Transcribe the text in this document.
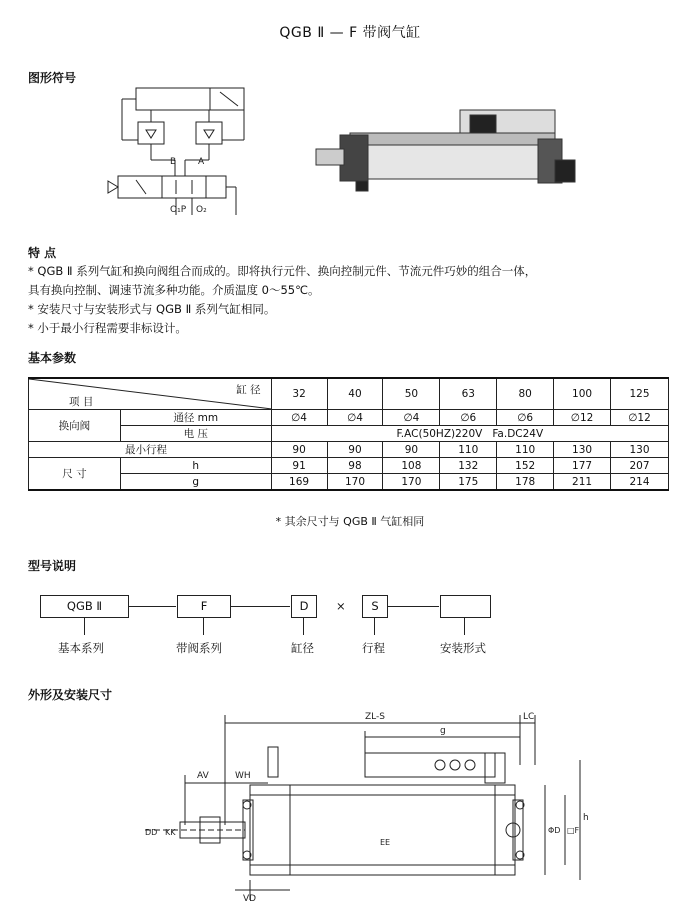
QGB Ⅱ — F 带阀气缸
图形符号
B A
O₁P O₂
特 点
* QGB Ⅱ 系列气缸和换向阀组合而成的。即将执行元件、换向控制元件、节流元件巧妙的组合一体，
具有换向控制、调速节流多种功能。介质温度 0～55℃。
* 安装尺寸与安装形式与 QGB Ⅱ 系列气缸相同。
* 小于最小行程需要非标设计。
基本参数
缸 径
项 目		32	40	50	63	80	100	125
换向阀	通径 mm	∅4	∅4	∅4	∅6	∅6	∅12	∅12
	电 压	F.AC(50HZ)220V   Fa.DC24V						
最小行程		90	90	90	110	110	130	130
尺 寸	h	91	98	108	132	152	177	207
	g	169	170	170	175	178	211	214
* 其余尺寸与 QGB Ⅱ 气缸相同
型号说明
QGB Ⅱ	F	D	×	S
基本系列	带阀系列	缸径	行程	安装形式
外形及安装尺寸
ZL-S	LC
g
AV	WH
h
VD
EE
DD KK	ΦD □F
